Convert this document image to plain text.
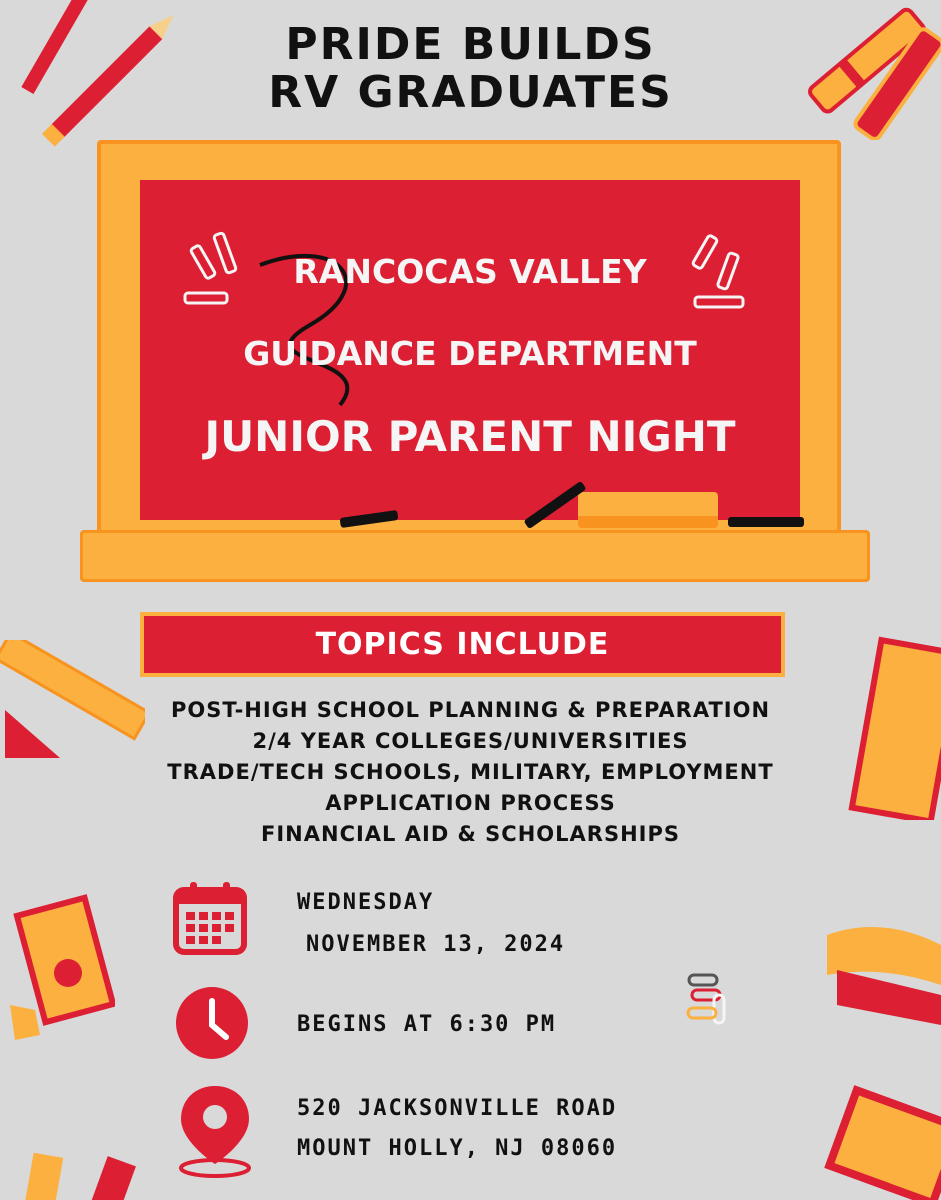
PRIDE BUILDS
RV GRADUATES
RANCOCAS VALLEY
GUIDANCE DEPARTMENT
JUNIOR PARENT NIGHT
TOPICS INCLUDE
POST-HIGH SCHOOL PLANNING & PREPARATION
2/4 YEAR COLLEGES/UNIVERSITIES
TRADE/TECH SCHOOLS, MILITARY, EMPLOYMENT
APPLICATION PROCESS
FINANCIAL AID & SCHOLARSHIPS
WEDNESDAY
NOVEMBER 13, 2024
BEGINS AT 6:30 PM
520 JACKSONVILLE ROAD
MOUNT HOLLY, NJ 08060
